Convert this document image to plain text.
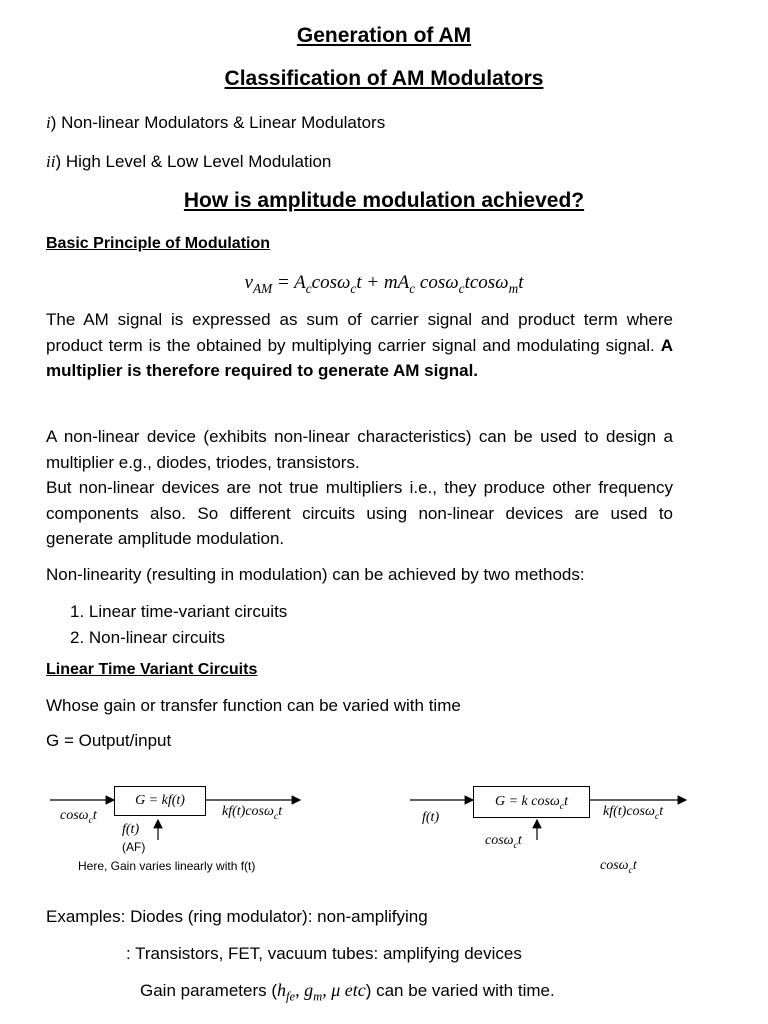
Generation of AM
Classification of AM Modulators
i) Non-linear Modulators & Linear Modulators
ii) High Level & Low Level Modulation
How is amplitude modulation achieved?
Basic Principle of Modulation
$v_{AM} = A_c\cos\omega_ct + mA_c$ cosω$_c$tcosω$_m$t
The AM signal is expressed as sum of carrier signal and product term where product term is the obtained by multiplying carrier signal and modulating signal. A multiplier is therefore required to generate AM signal.
A non-linear device (exhibits non-linear characteristics) can be used to design a multiplier e.g., diodes, triodes, transistors.
But non-linear devices are not true multipliers i.e., they produce other frequency components also. So different circuits using non-linear devices are used to generate amplitude modulation.
Non-linearity (resulting in modulation) can be achieved by two methods:
1. Linear time-variant circuits
2. Non-linear circuits
Linear Time Variant Circuits
Whose gain or transfer function can be varied with time
G = Output/input
G = kf(t)
cosω$_c$t	kf(t)cosω$_c$t
f(t)
(AF)
Here, Gain varies linearly with f(t)
G = k cosω$_c$t
f(t)	kf(t)cosω$_c$t
cosω$_c$t
cosω$_c$t
Examples: Diodes (ring modulator): non-amplifying
: Transistors, FET, vacuum tubes: amplifying devices
Gain parameters ($h_{fe}$, $g_m$, μ etc) can be varied with time.
